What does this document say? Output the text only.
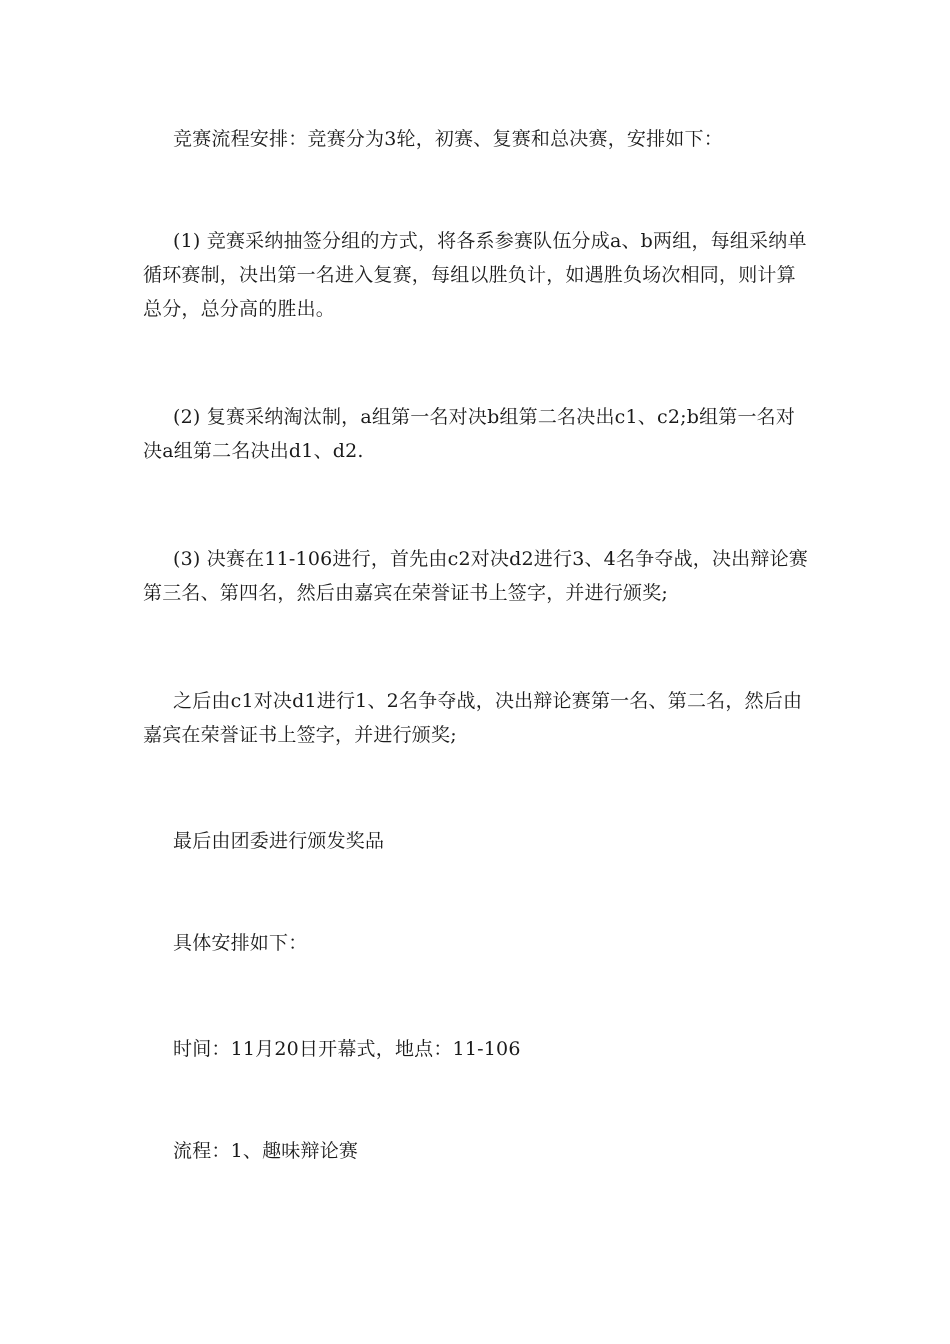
竞赛流程安排：竞赛分为3轮，初赛、复赛和总决赛，安排如下：

(1) 竞赛采纳抽签分组的方式，将各系参赛队伍分成a、b两组，每组采纳单循环赛制，决出第一名进入复赛，每组以胜负计，如遇胜负场次相同，则计算总分，总分高的胜出。

(2) 复赛采纳淘汰制，a组第一名对决b组第二名决出c1、c2;b组第一名对决a组第二名决出d1、d2.

(3) 决赛在11-106进行，首先由c2对决d2进行3、4名争夺战，决出辩论赛第三名、第四名，然后由嘉宾在荣誉证书上签字，并进行颁奖;

之后由c1对决d1进行1、2名争夺战，决出辩论赛第一名、第二名，然后由嘉宾在荣誉证书上签字，并进行颁奖;

最后由团委进行颁发奖品

具体安排如下：

时间：11月20日开幕式，地点：11-106

流程：1、趣味辩论赛
